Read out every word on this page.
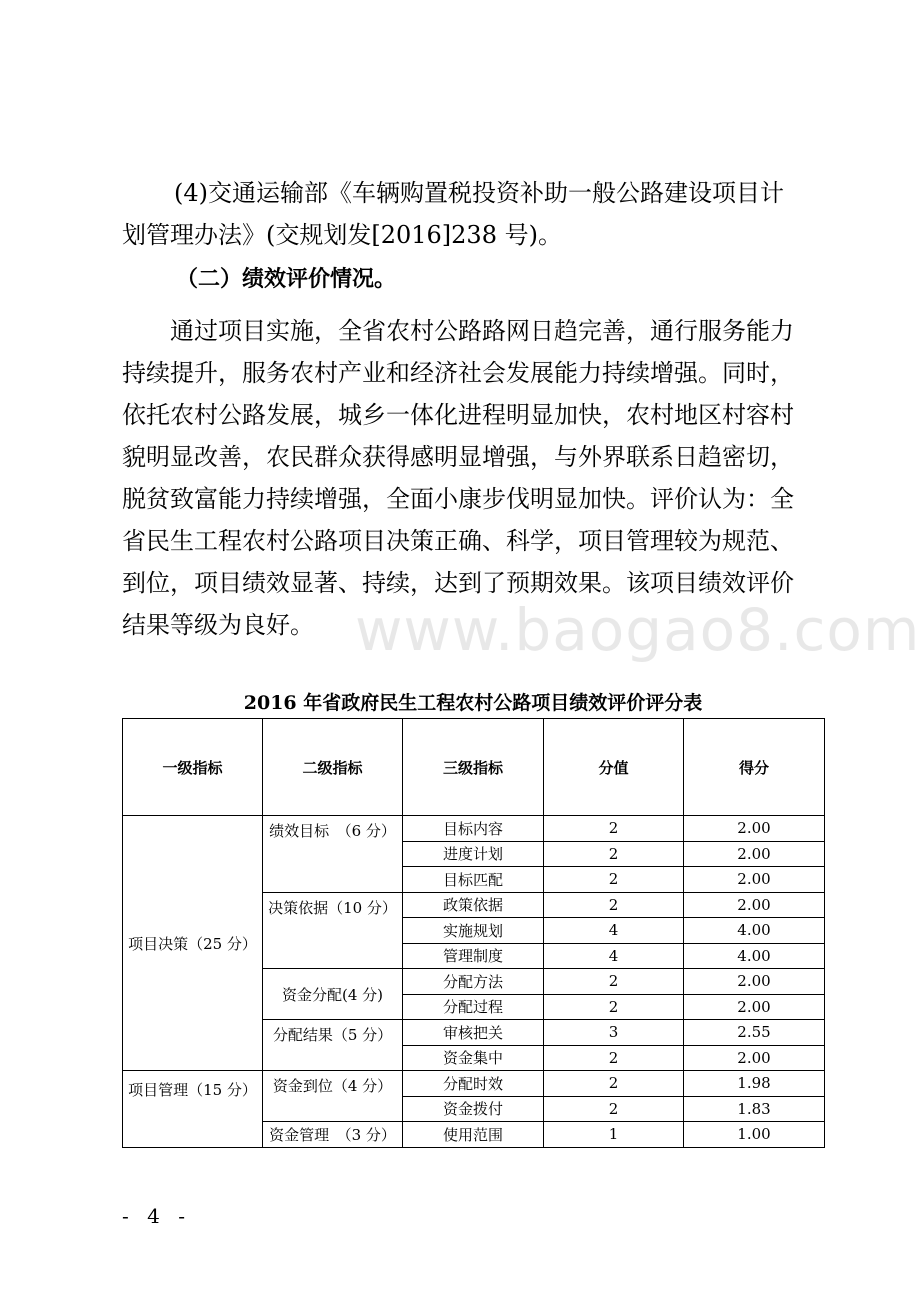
(4)交通运输部《车辆购置税投资补助一般公路建设项目计划管理办法》(交规划发[2016]238 号)。

（二）绩效评价情况。

通过项目实施，全省农村公路路网日趋完善，通行服务能力持续提升，服务农村产业和经济社会发展能力持续增强。同时，依托农村公路发展，城乡一体化进程明显加快，农村地区村容村貌明显改善，农民群众获得感明显增强，与外界联系日趋密切，脱贫致富能力持续增强，全面小康步伐明显加快。评价认为：全省民生工程农村公路项目决策正确、科学，项目管理较为规范、到位，项目绩效显著、持续，达到了预期效果。该项目绩效评价结果等级为良好。 www.baogao8.com
2016 年省政府民生工程农村公路项目绩效评价评分表
一级指标	二级指标	三级指标	分值	得分
项目决策（25 分）	绩效目标　（6 分）	目标内容	2	2.00
		进度计划	2	2.00
		目标匹配	2	2.00
	决策依据（10 分）	政策依据	2	2.00
		实施规划	4	4.00
		管理制度	4	4.00
	资金分配(4 分)	分配方法	2	2.00
		分配过程	2	2.00
	分配结果（5 分）	审核把关	3	2.55
		资金集中	2	2.00
项目管理（15 分）	资金到位（4 分）	分配时效	2	1.98
		资金拨付	2	1.83
	资金管理　（3 分）	使用范围	1	1.00
- 4 -
